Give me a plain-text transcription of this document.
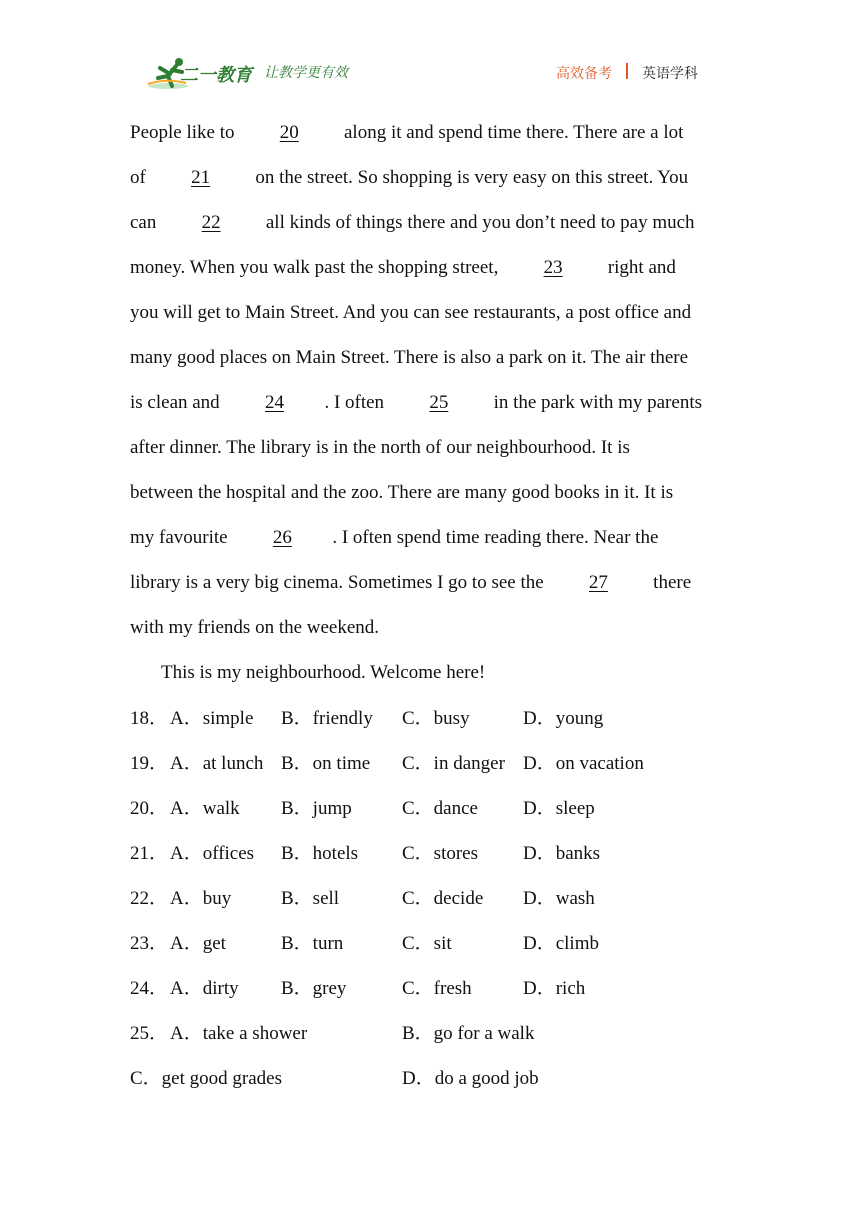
二一教育 让教学更有效	高效备考 英语学科

People like to 20 along it and spend time there. There are a lot

of 21 on the street. So shopping is very easy on this street. You

can 22 all kinds of things there and you don’t need to pay much

money. When you walk past the shopping street, 23 right and

you will get to Main Street. And you can see restaurants, a post office and

many good places on Main Street. There is also a park on it. The air there

is clean and 24 . I often 25 in the park with my parents

after dinner. The library is in the north of our neighbourhood. It is

between the hospital and the zoo. There are many good books in it. It is

my favourite 26 . I often spend time reading there. Near the

library is a very big cinema. Sometimes I go to see the 27 there

with my friends on the weekend.

This is my neighbourhood. Welcome here!

18． A．simple B．friendly C．busy	D．young
19． A．at lunch B．on time C．in danger D．on vacation
20． A．walk B．jump	C．dance D．sleep
21． A．offices B．hotels C．stores D．banks
22． A．buy	B．sell	C．decide D．wash
23． A．get	B．turn	C．sit	D．climb
24． A．dirty B．grey	C．fresh	D．rich
25． A．take a shower	B．go for a walk
C．get good grades	D．do a good job
